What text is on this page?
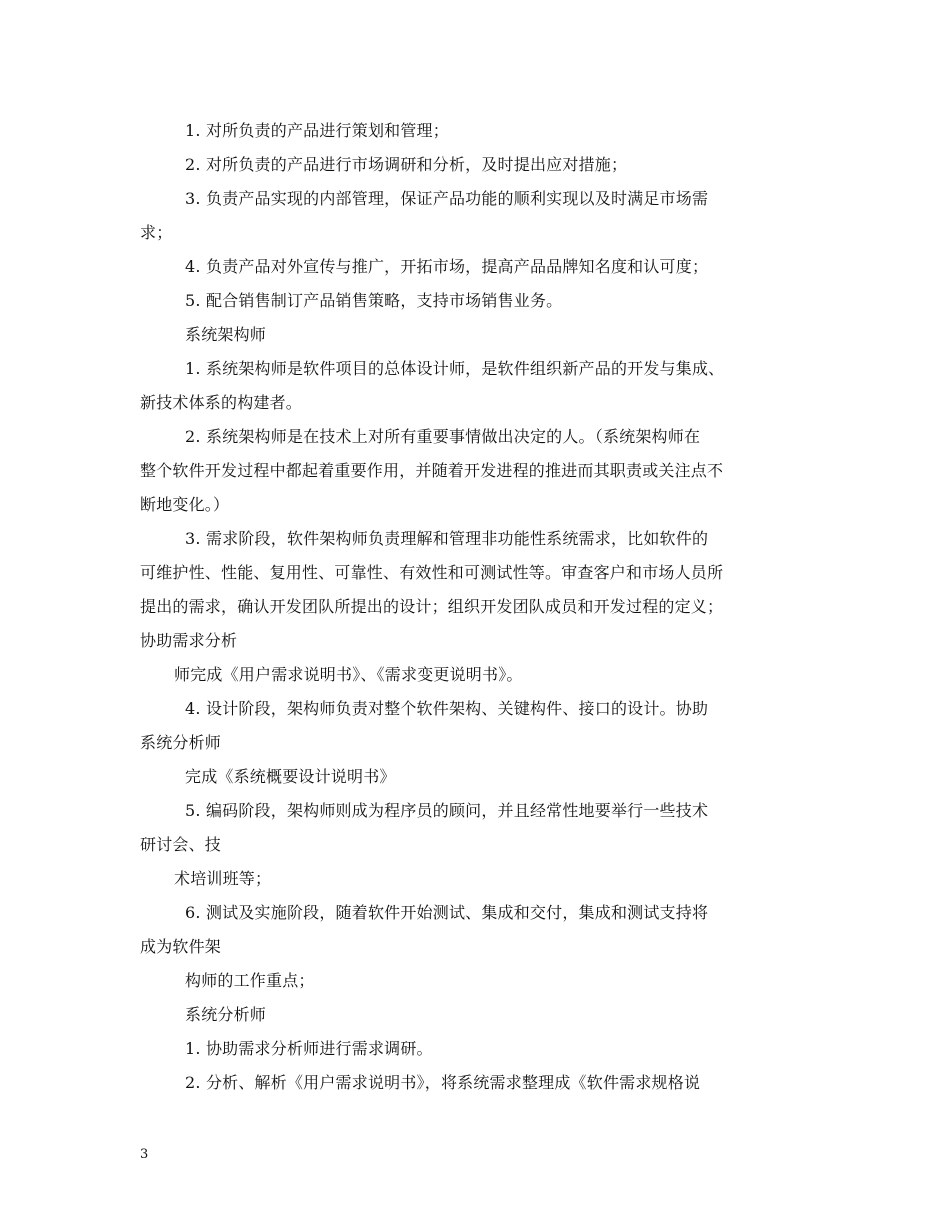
1. 对所负责的产品进行策划和管理；
2. 对所负责的产品进行市场调研和分析，及时提出应对措施；
3. 负责产品实现的内部管理，保证产品功能的顺利实现以及时满足市场需
求；
4. 负责产品对外宣传与推广，开拓市场，提高产品品牌知名度和认可度；
5. 配合销售制订产品销售策略，支持市场销售业务。
系统架构师
1. 系统架构师是软件项目的总体设计师，是软件组织新产品的开发与集成、
新技术体系的构建者。
2. 系统架构师是在技术上对所有重要事情做出决定的人。（系统架构师在
整个软件开发过程中都起着重要作用，并随着开发进程的推进而其职责或关注点不
断地变化。）
3. 需求阶段，软件架构师负责理解和管理非功能性系统需求，比如软件的
可维护性、性能、复用性、可靠性、有效性和可测试性等。审查客户和市场人员所
提出的需求，确认开发团队所提出的设计；组织开发团队成员和开发过程的定义；
协助需求分析
师完成《用户需求说明书》、《需求变更说明书》。
4. 设计阶段，架构师负责对整个软件架构、关键构件、接口的设计。协助
系统分析师
完成《系统概要设计说明书》
5. 编码阶段，架构师则成为程序员的顾问，并且经常性地要举行一些技术
研讨会、技
术培训班等；
6. 测试及实施阶段，随着软件开始测试、集成和交付，集成和测试支持将
成为软件架
构师的工作重点；
系统分析师
1. 协助需求分析师进行需求调研。
2. 分析、解析《用户需求说明书》，将系统需求整理成《软件需求规格说
3
